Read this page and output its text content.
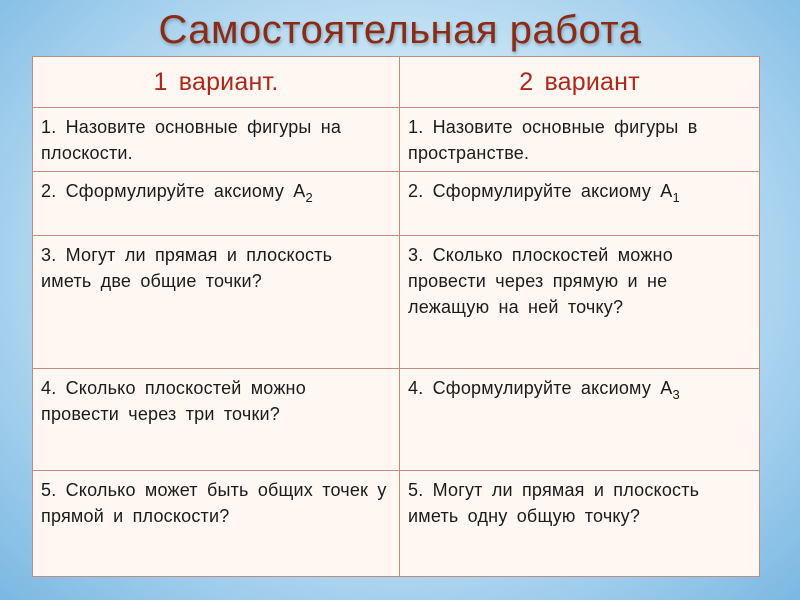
Самостоятельная работа
1 вариант.	2 вариант
1. Назовите основные фигуры на плоскости.	1. Назовите основные фигуры в пространстве.
2. Сформулируйте аксиому $А_2$	2. Сформулируйте аксиому $А_1$
3. Могут ли прямая и плоскость иметь две общие точки?	3. Сколько плоскостей можно провести через прямую и не лежащую на ней точку?
4. Сколько плоскостей можно провести через три точки?	4. Сформулируйте аксиому $А_3$
5. Сколько может быть общих точек у прямой и плоскости?	5. Могут ли прямая и плоскость иметь одну общую точку?
